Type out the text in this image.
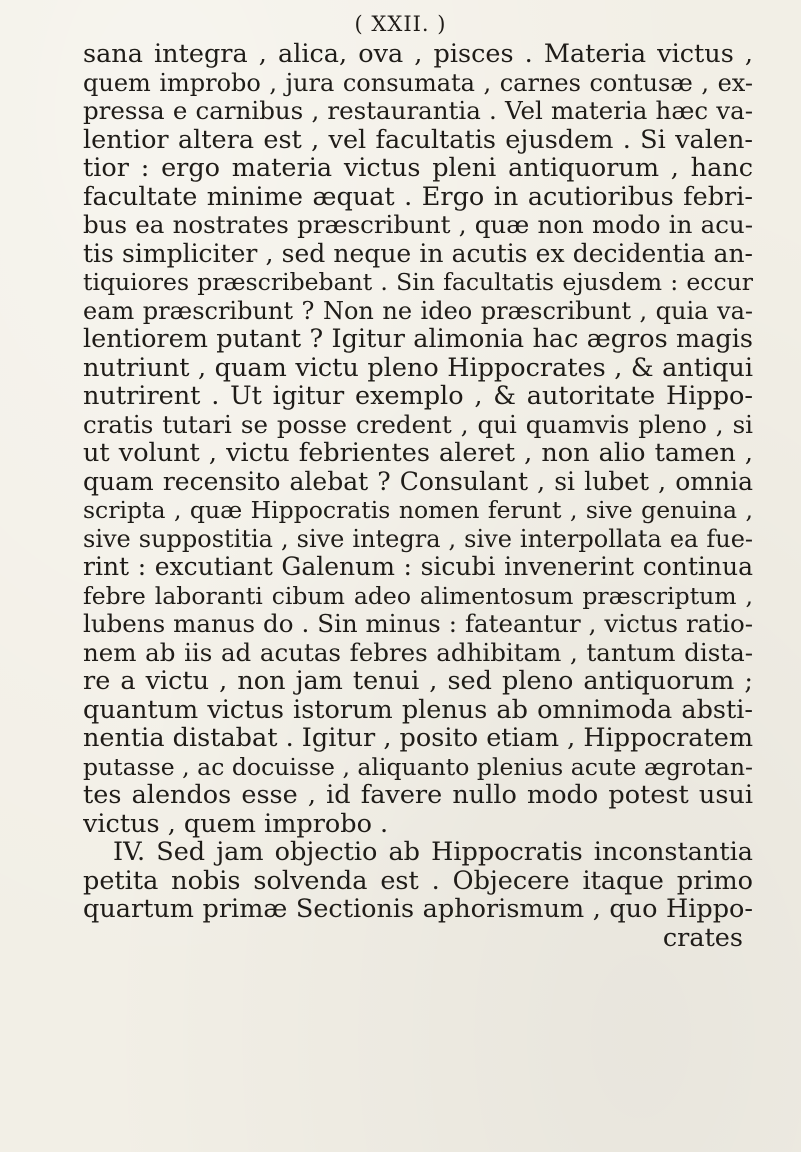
( XXII. )
sana integra , alica, ova , pisces . Materia victus ,
quem improbo , jura consumata , carnes contusæ , ex-
pressa e carnibus , restaurantia . Vel materia hæc va-
lentior altera est , vel facultatis ejusdem . Si valen-
tior : ergo materia victus pleni antiquorum , hanc
facultate minime æquat . Ergo in acutioribus febri-
bus ea nostrates præscribunt , quæ non modo in acu-
tis simpliciter , sed neque in acutis ex decidentia an-
tiquiores præscribebant . Sin facultatis ejusdem : eccur
eam præscribunt ? Non ne ideo præscribunt , quia va-
lentiorem putant ? Igitur alimonia hac ægros magis
nutriunt , quam victu pleno Hippocrates , & antiqui
nutrirent . Ut igitur exemplo , & autoritate Hippo-
cratis tutari se posse credent , qui quamvis pleno , si
ut volunt , victu febrientes aleret , non alio tamen ,
quam recensito alebat ? Consulant , si lubet , omnia
scripta , quæ Hippocratis nomen ferunt , sive genuina ,
sive suppostitia , sive integra , sive interpollata ea fue-
rint : excutiant Galenum : sicubi invenerint continua
febre laboranti cibum adeo alimentosum præscriptum ,
lubens manus do . Sin minus : fateantur , victus ratio-
nem ab iis ad acutas febres adhibitam , tantum dista-
re a victu , non jam tenui , sed pleno antiquorum ;
quantum victus istorum plenus ab omnimoda absti-
nentia distabat . Igitur , posito etiam , Hippocratem
putasse , ac docuisse , aliquanto plenius acute ægrotan-
tes alendos esse , id favere nullo modo potest usui
victus , quem improbo .
IV. Sed jam objectio ab Hippocratis inconstantia
petita nobis solvenda est . Objecere itaque primo
quartum primæ Sectionis aphorismum , quo Hippo-
crates
